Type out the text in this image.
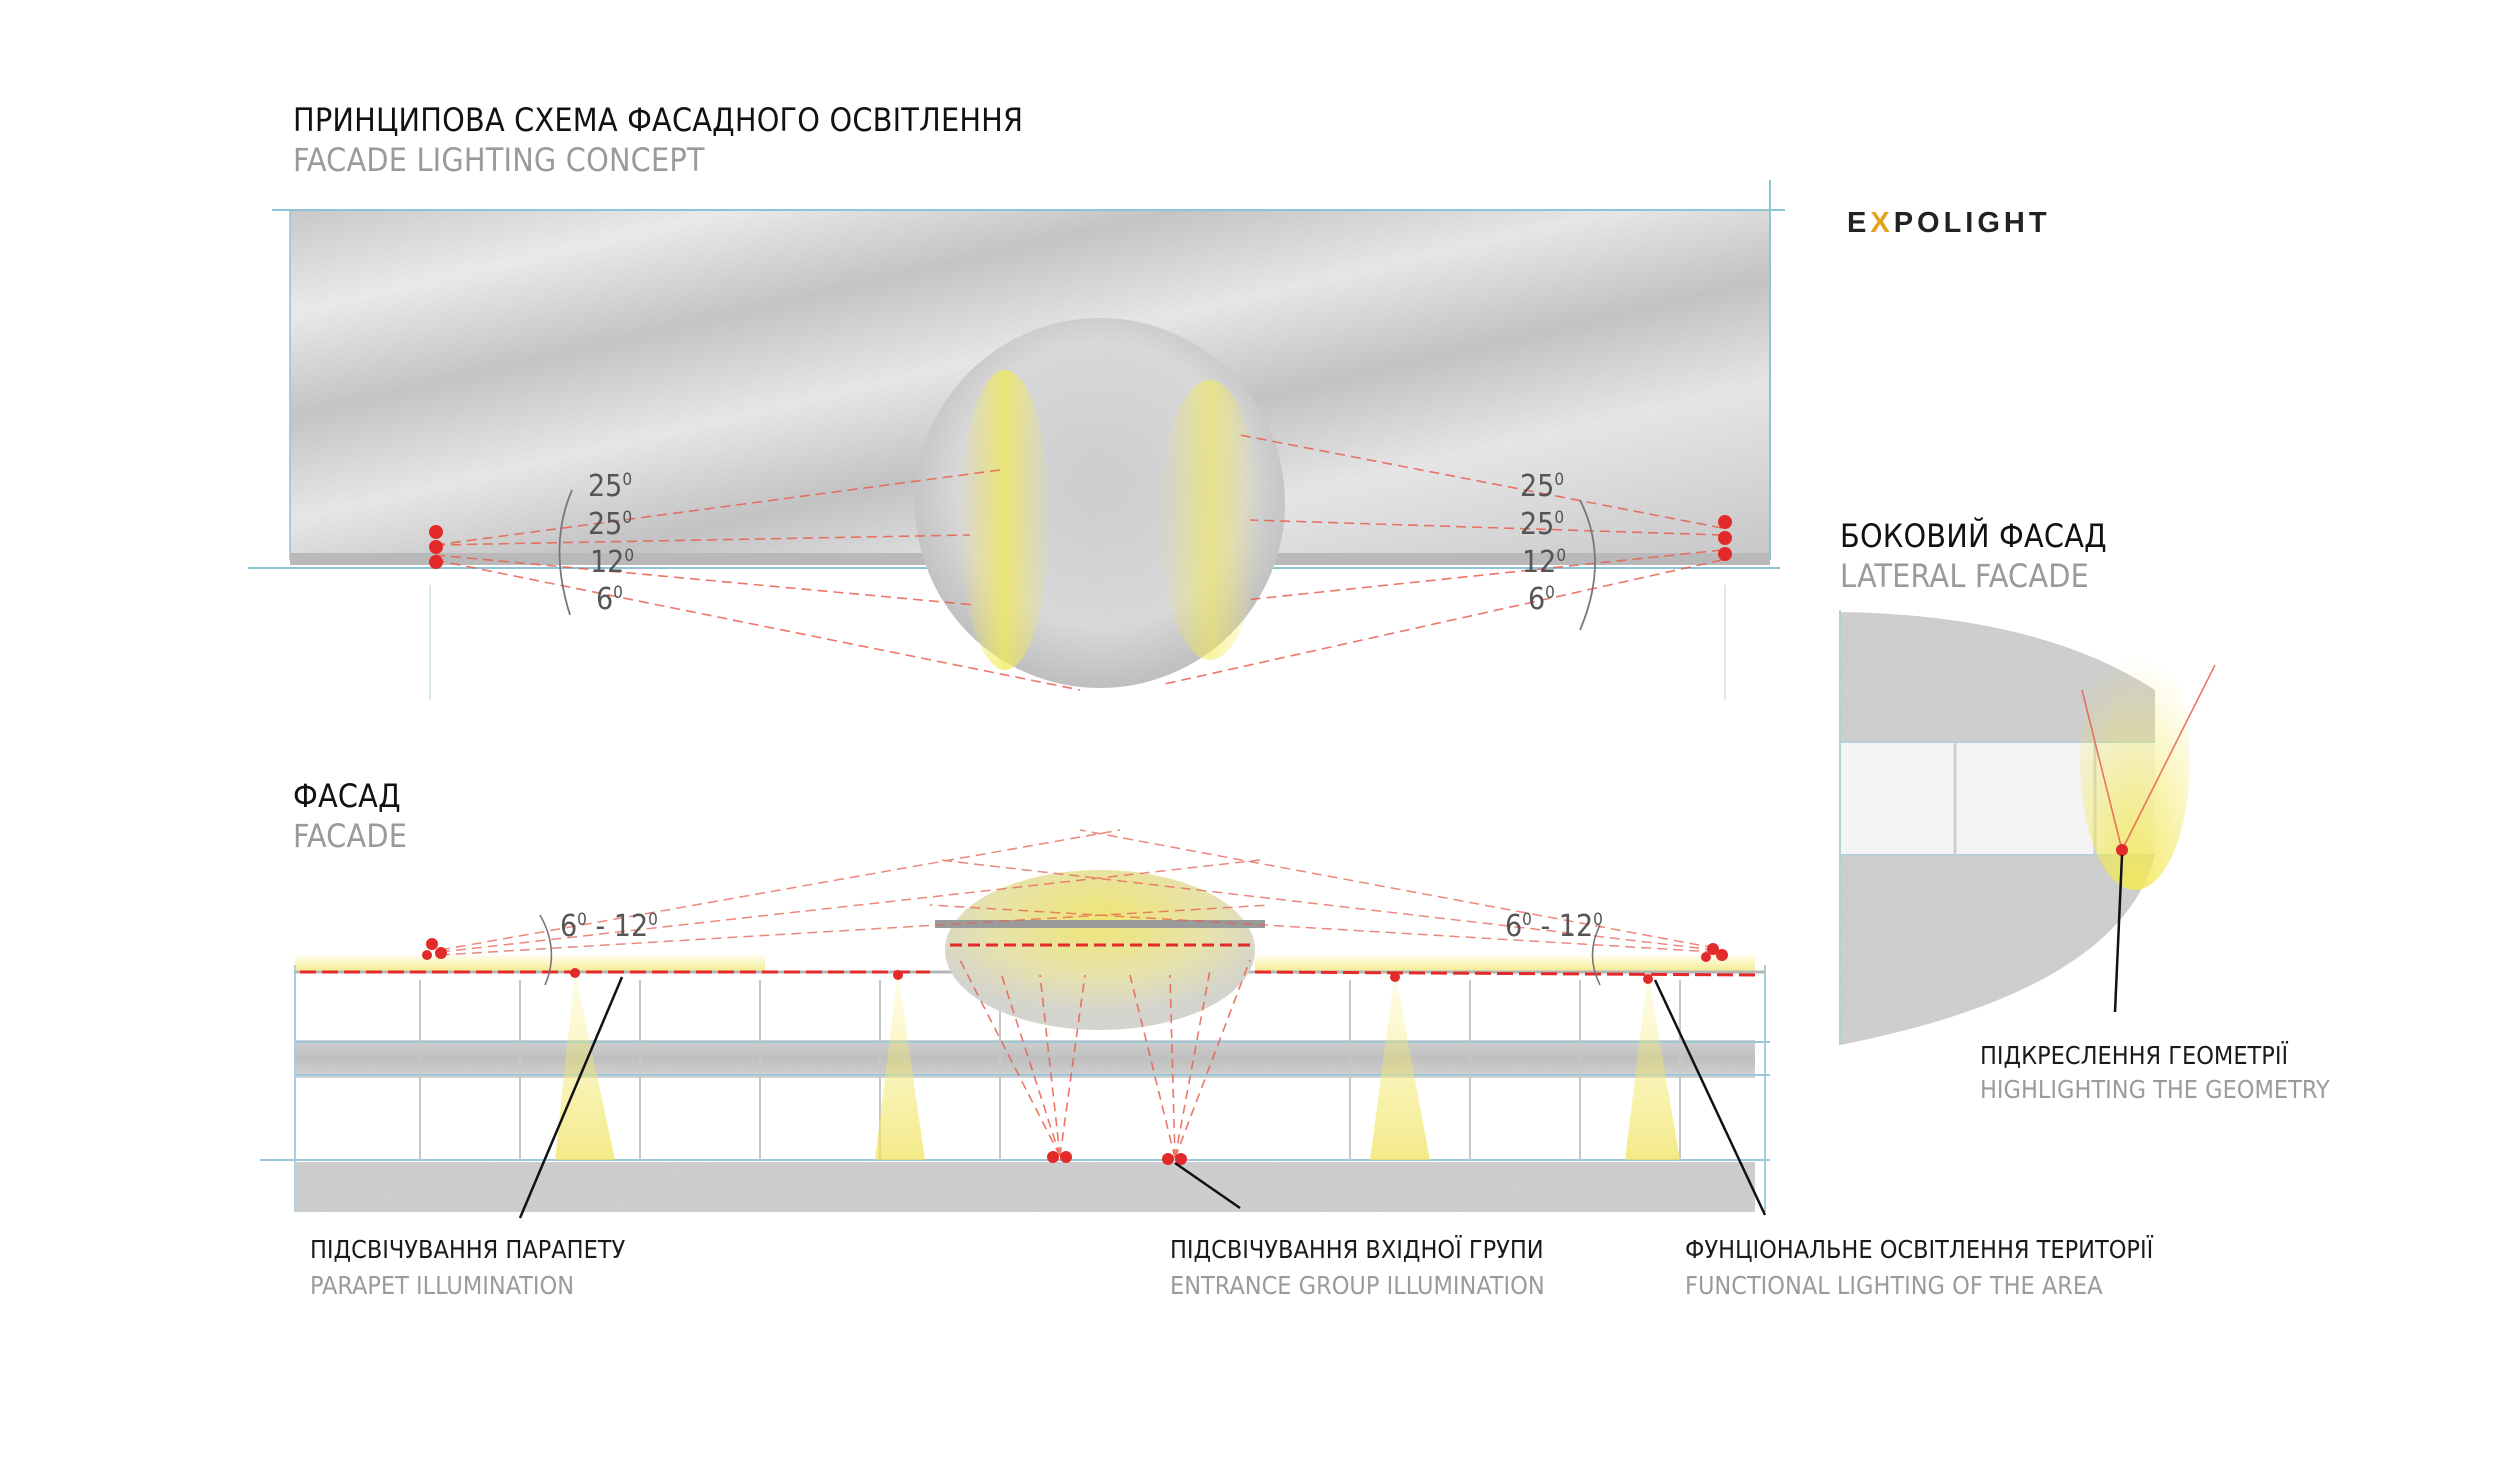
ПРИНЦИПОВА СХЕМА ФАСАДНОГО ОСВІТЛЕННЯ
FACADE LIGHTING CONCEPT
EXPOLIGHT
$25^0$
$25^0$
$12^0$
$6^0$
$25^0$
$25^0$
$12^0$
$6^0$
БОКОВИЙ ФАСАД
LATERAL FACADE
ФАСАД
FACADE
$6^0 - 12^0$	$6^0 - 12^0$
ПІДСВІЧУВАННЯ ПАРАПЕТУ
PARAPET ILLUMINATION
ПІДСВІЧУВАННЯ ВХІДНОЇ ГРУПИ
ENTRANCE GROUP ILLUMINATION
ФУНЦІОНАЛЬНЕ ОСВІТЛЕННЯ ТЕРИТОРІЇ
FUNCTIONAL LIGHTING OF THE AREA
ПІДКРЕСЛЕННЯ ГЕОМЕТРІЇ
HIGHLIGHTING THE GEOMETRY
